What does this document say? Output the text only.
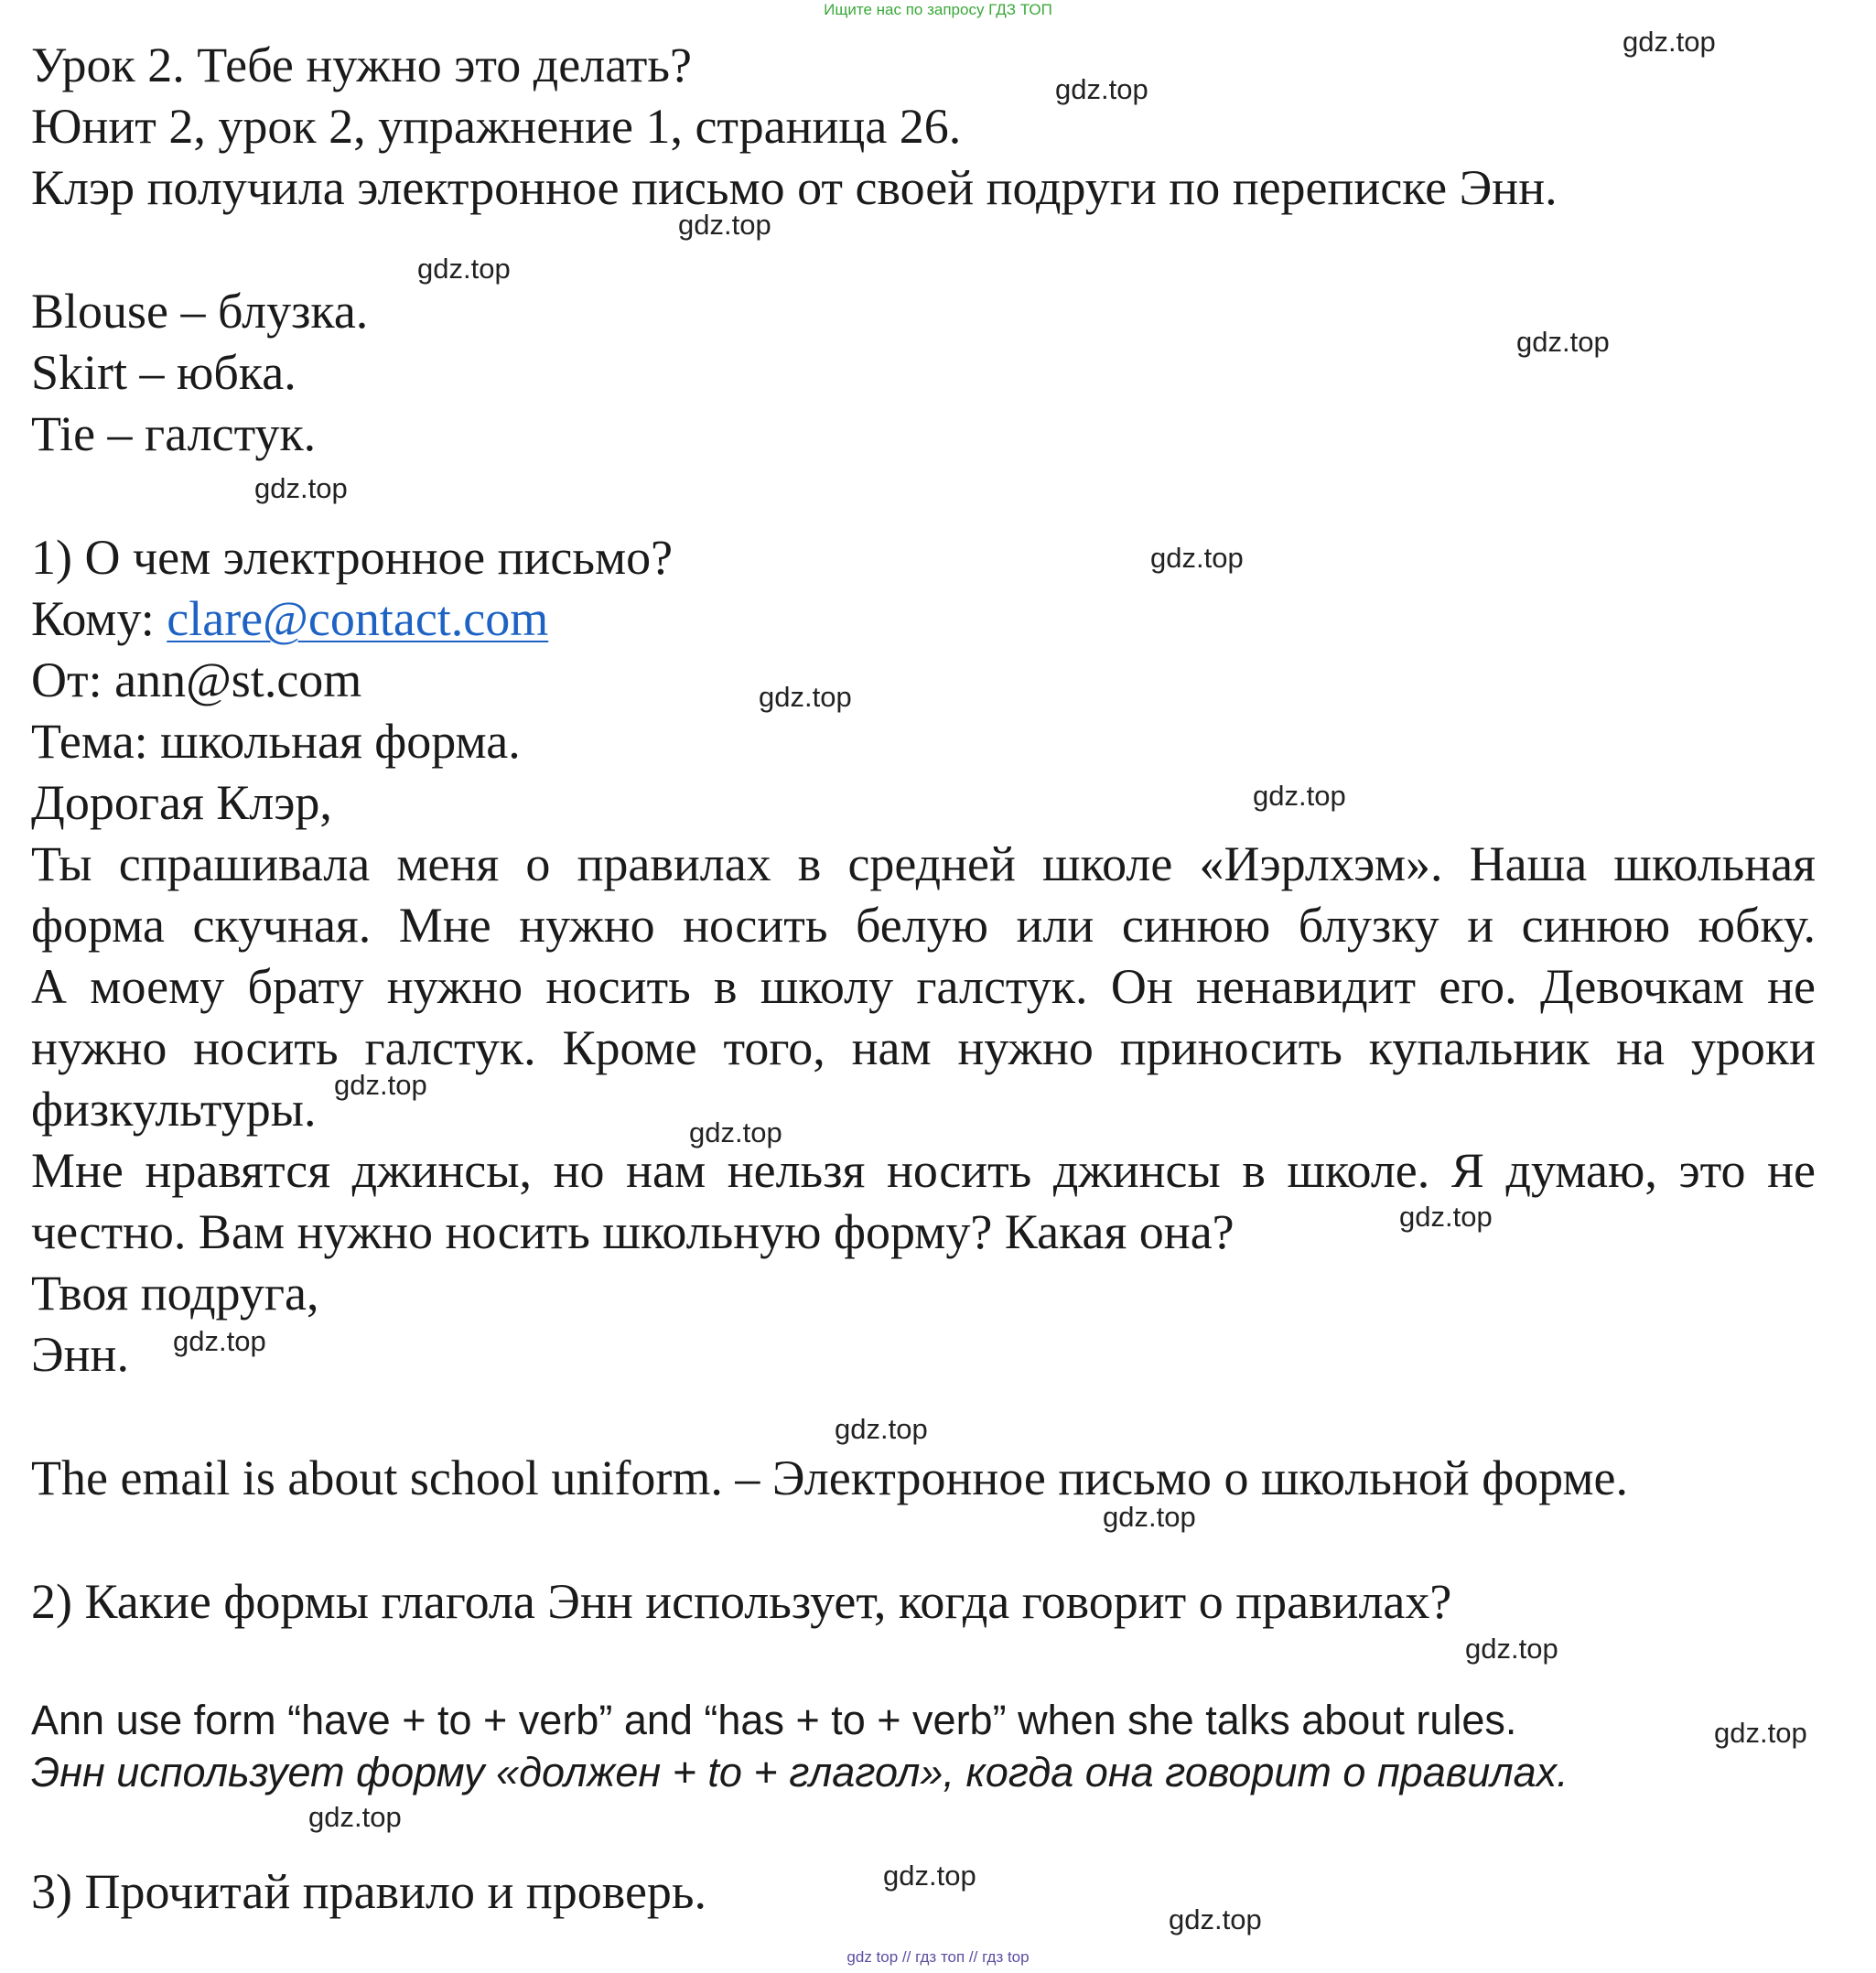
Ищите нас по запросу ГДЗ ТОП
Урок 2. Тебе нужно это делать?
Юнит 2, урок 2, упражнение 1, страница 26.
Клэр получила электронное письмо от своей подруги по переписке Энн.
Blouse – блузка.
Skirt – юбка.
Tie – галстук.
1) О чем электронное письмо?
Кому: clare@contact.com
От: ann@st.com
Тема: школьная форма.
Дорогая Клэр,
Ты спрашивала меня о правилах в средней школе «Иэрлхэм». Наша школьная
форма скучная. Мне нужно носить белую или синюю блузку и синюю юбку.
А моему брату нужно носить в школу галстук. Он ненавидит его. Девочкам не
нужно носить галстук. Кроме того, нам нужно приносить купальник на уроки
физкультуры.
Мне нравятся джинсы, но нам нельзя носить джинсы в школе. Я думаю, это не
честно. Вам нужно носить школьную форму? Какая она?
Твоя подруга,
Энн.
The email is about school uniform. – Электронное письмо о школьной форме.
2) Какие формы глагола Энн использует, когда говорит о правилах?
Ann use form “have + to + verb” and “has + to + verb” when she talks about rules.
Энн использует форму «должен + to + глагол», когда она говорит о правилах.
3) Прочитай правило и проверь.
gdz.top
gdz.top
gdz.top
gdz.top
gdz.top
gdz.top
gdz.top
gdz.top
gdz.top
gdz.top
gdz.top
gdz.top
gdz.top
gdz.top
gdz.top
gdz.top
gdz.top
gdz.top
gdz.top
gdz.top
gdz top // гдз топ // гдз top
